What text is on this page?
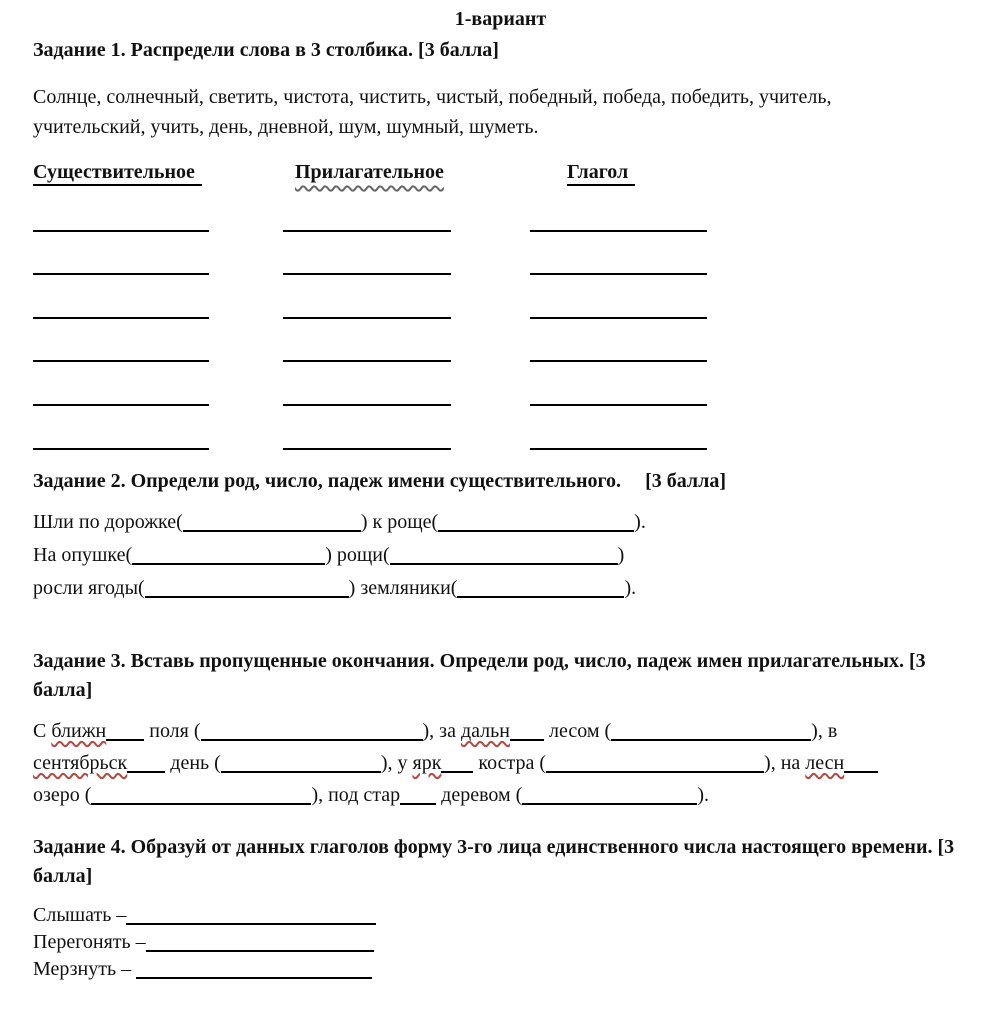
1-вариант
Задание 1. Распредели слова в 3 столбика. [3 балла]
Солнце, солнечный, светить, чистота, чистить, чистый, победный, победа, победить, учитель, учительский, учить, день, дневной, шум, шумный, шуметь.
Существительное	Прилагательное	Глагол
Задание 2. Определи род, число, падеж имени существительного. [3 балла]
Шли по дорожке(	) к роще(	).
На опушке(	) рощи(	)
росли ягоды(	) земляники(	).
Задание 3. Вставь пропущенные окончания. Определи род, число, падеж имен прилагательных. [3 балла]
С ближн поля (	), за дальн лесом (	), в
сентябрьск день (	), у ярк костра (	), на лесн
озеро (	), под стар деревом (	).
Задание 4. Образуй от данных глаголов форму 3-го лица единственного числа настоящего времени. [3 балла]
Слышать –
Перегонять –
Мерзнуть –
